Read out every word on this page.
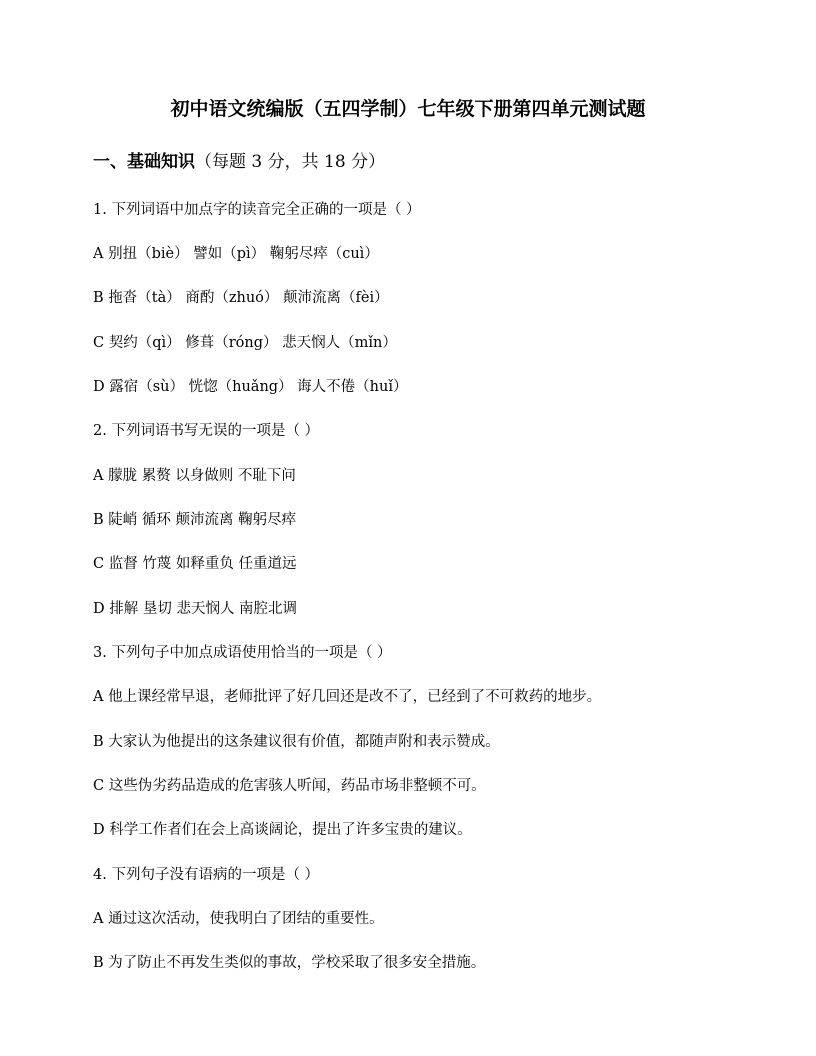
初中语文统编版（五四学制）七年级下册第四单元测试题
一、基础知识（每题 3 分，共 18 分）
1. 下列词语中加点字的读音完全正确的一项是（ ）
A 别扭（biè） 譬如（pì） 鞠躬尽瘁（cuì）
B 拖沓（tà） 商酌（zhuó） 颠沛流离（fèi）
C 契约（qì） 修葺（róng） 悲天悯人（mǐn）
D 露宿（sù） 恍惚（huǎng） 诲人不倦（huǐ）
2. 下列词语书写无误的一项是（ ）
A 朦胧 累赘 以身做则 不耻下问
B 陡峭 循环 颠沛流离 鞠躬尽瘁
C 监督 竹蔑 如释重负 任重道远
D 排解 垦切 悲天悯人 南腔北调
3. 下列句子中加点成语使用恰当的一项是（ ）
A 他上课经常早退，老师批评了好几回还是改不了，已经到了不可救药的地步。
B 大家认为他提出的这条建议很有价值，都随声附和表示赞成。
C 这些伪劣药品造成的危害骇人听闻，药品市场非整顿不可。
D 科学工作者们在会上高谈阔论，提出了许多宝贵的建议。
4. 下列句子没有语病的一项是（ ）
A 通过这次活动，使我明白了团结的重要性。
B 为了防止不再发生类似的事故，学校采取了很多安全措施。
